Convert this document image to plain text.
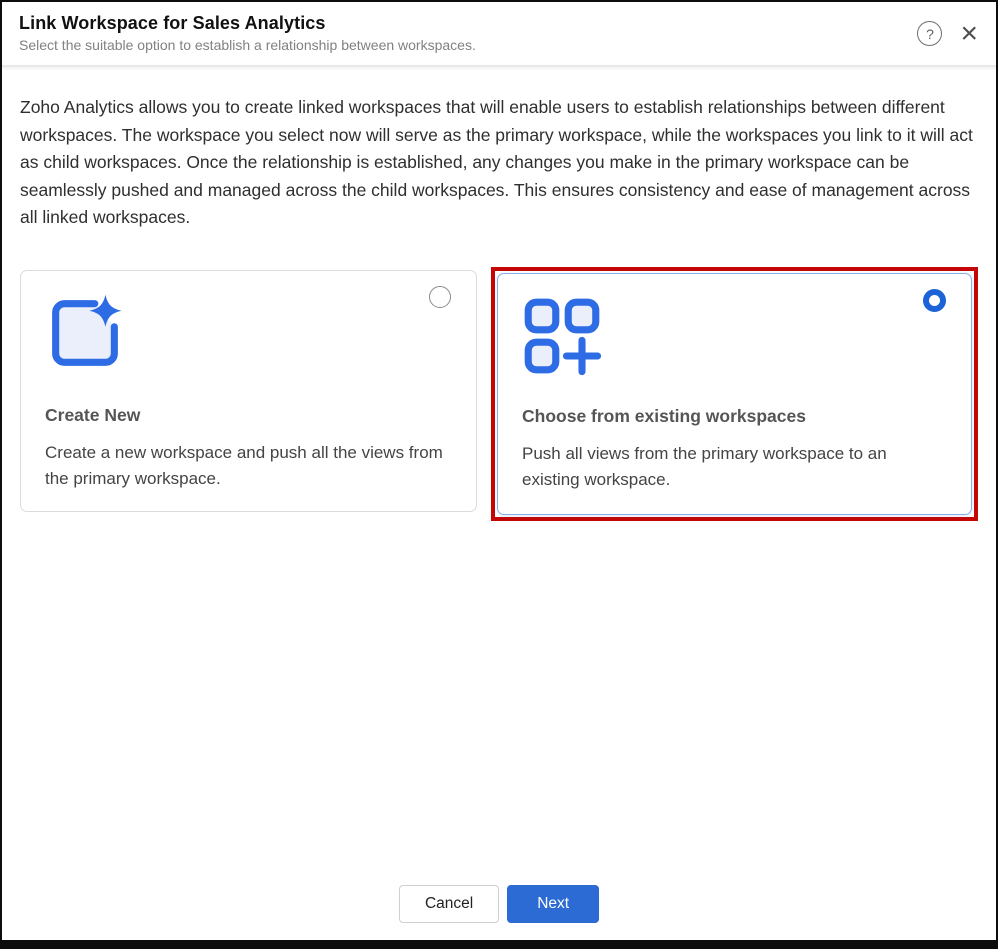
Link Workspace for Sales Analytics
Select the suitable option to establish a relationship between workspaces.
? ×

Zoho Analytics allows you to create linked workspaces that will enable users to establish relationships between different workspaces. The workspace you select now will serve as the primary workspace, while the workspaces you link to it will act as child workspaces. Once the relationship is established, any changes you make in the primary workspace can be seamlessly pushed and managed across the child workspaces. This ensures consistency and ease of management across all linked workspaces.

Create New
Create a new workspace and push all the views from the primary workspace.
Choose from existing workspaces
Push all views from the primary workspace to an existing workspace.
Cancel	Next
